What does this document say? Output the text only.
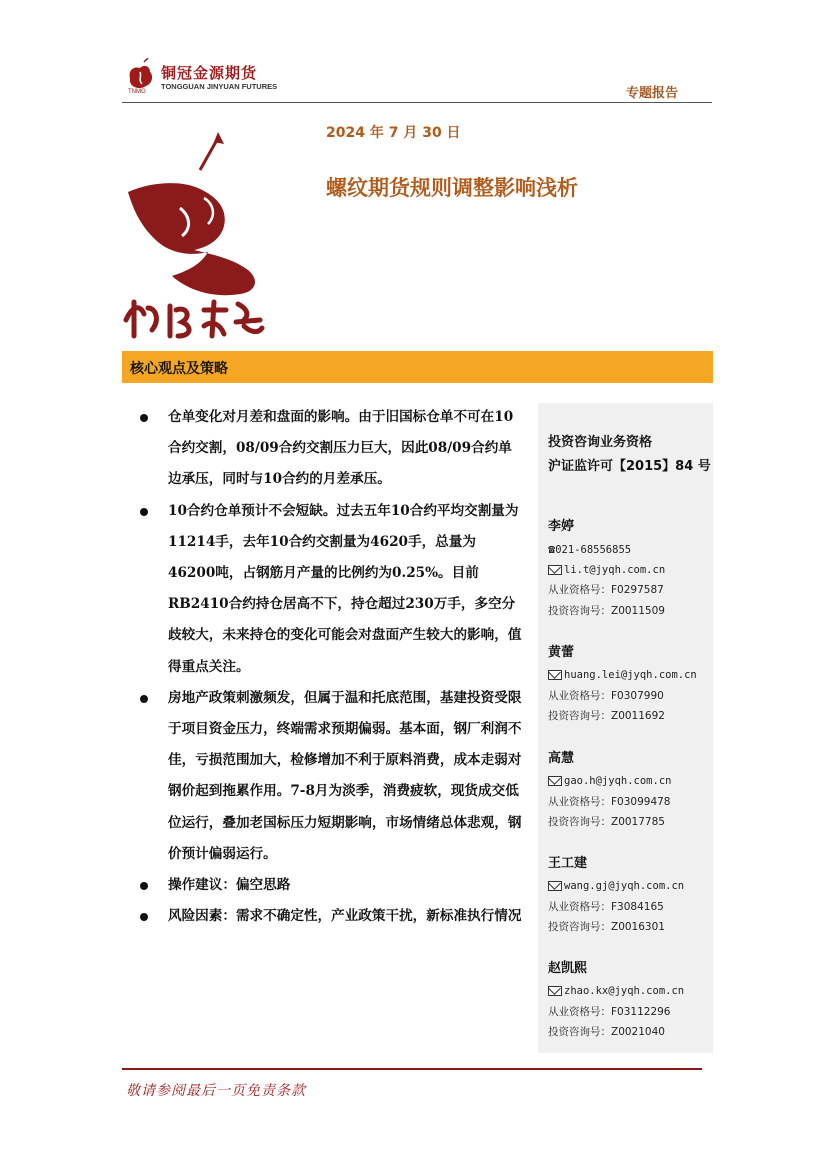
铜冠金源期货
TONGGUAN JINYUAN FUTURES
TNMG	专题报告
2024 年 7 月 30 日
螺纹期货规则调整影响浅析
核心观点及策略

仓单变化对月差和盘面的影响。由于旧国标仓单不可在10合约交割，08/09合约交割压力巨大，因此08/09合约单边承压，同时与10合约的月差承压。

10合约仓单预计不会短缺。过去五年10合约平均交割量为11214手，去年10合约交割量为4620手，总量为46200吨，占钢筋月产量的比例约为0.25%。目前RB2410合约持仓居高不下，持仓超过230万手，多空分歧较大，未来持仓的变化可能会对盘面产生较大的影响，值得重点关注。

房地产政策刺激频发，但属于温和托底范围，基建投资受限于项目资金压力，终端需求预期偏弱。基本面，钢厂利润不佳，亏损范围加大，检修增加不利于原料消费，成本走弱对钢价起到拖累作用。7-8月为淡季，消费疲软，现货成交低位运行，叠加老国标压力短期影响，市场情绪总体悲观，钢价预计偏弱运行。

操作建议：偏空思路

风险因素：需求不确定性，产业政策干扰，新标准执行情况

投资咨询业务资格
沪证监许可【2015】84 号
李婷
☎021-68556855
li.t@jyqh.com.cn
从业资格号：F0297587
投资咨询号：Z0011509
黄蕾
huang.lei@jyqh.com.cn
从业资格号：F0307990
投资咨询号：Z0011692
高慧
gao.h@jyqh.com.cn
从业资格号：F03099478
投资咨询号：Z0017785
王工建
wang.gj@jyqh.com.cn
从业资格号：F3084165
投资咨询号：Z0016301
赵凯熙
zhao.kx@jyqh.com.cn
从业资格号：F03112296
投资咨询号：Z0021040
敬请参阅最后一页免责条款
